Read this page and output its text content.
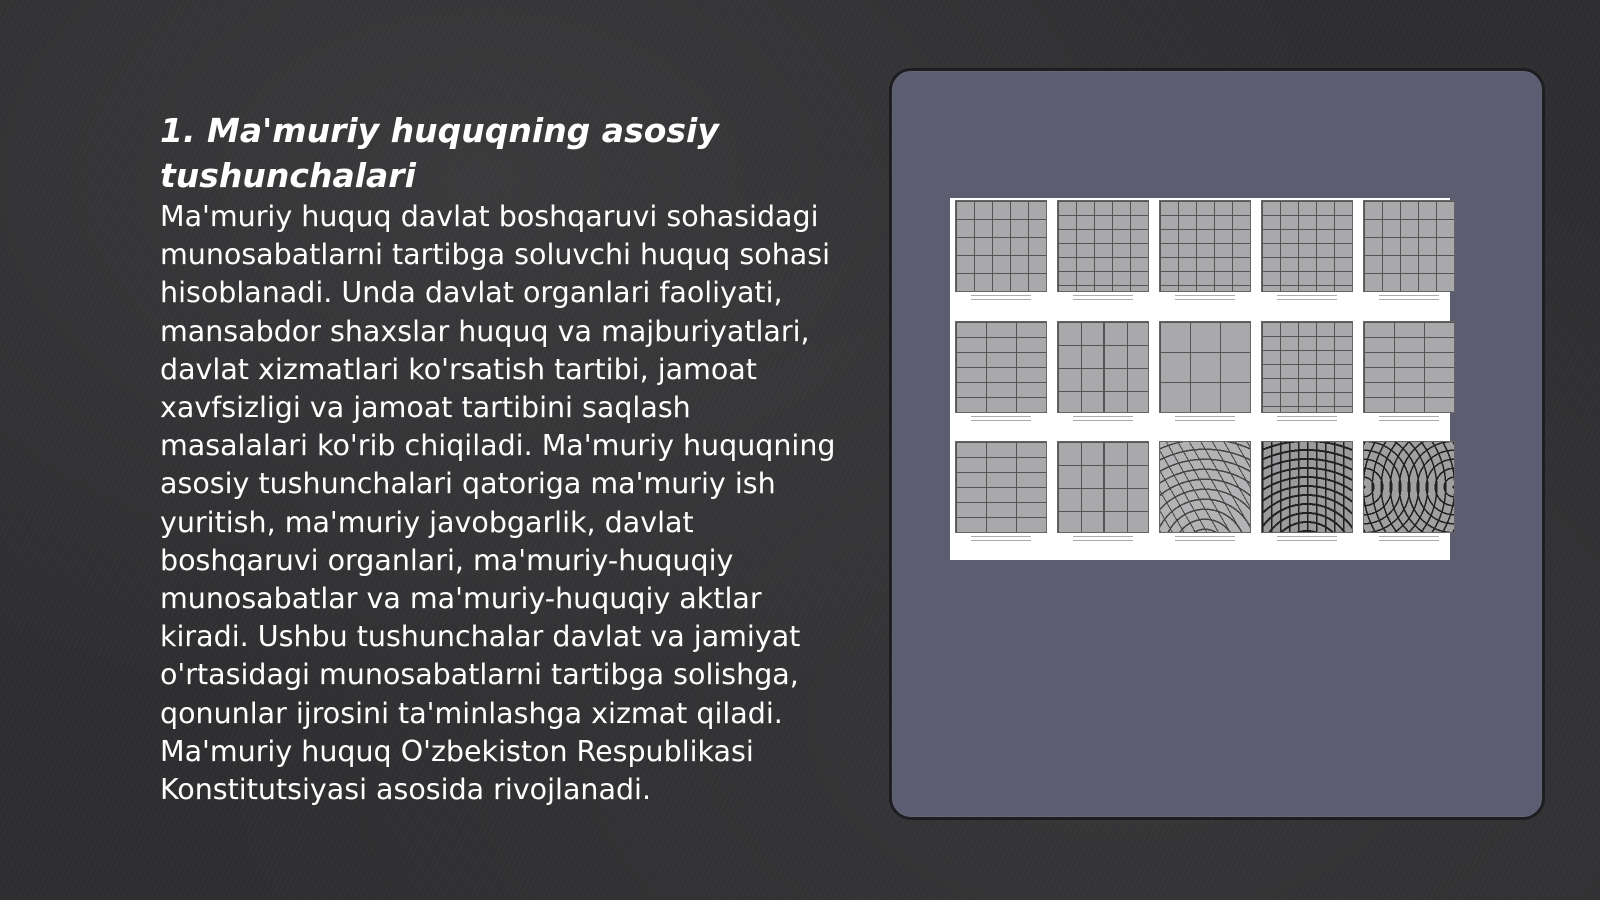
1. Ma'muriy huquqning asosiy tushunchalari

Ma'muriy huquq davlat boshqaruvi sohasidagi munosabatlarni tartibga soluvchi huquq sohasi hisoblanadi. Unda davlat organlari faoliyati, mansabdor shaxslar huquq va majburiyatlari, davlat xizmatlari ko'rsatish tartibi, jamoat xavfsizligi va jamoat tartibini saqlash masalalari ko'rib chiqiladi. Ma'muriy huquqning asosiy tushunchalari qatoriga ma'muriy ish yuritish, ma'muriy javobgarlik, davlat boshqaruvi organlari, ma'muriy-huquqiy munosabatlar va ma'muriy-huquqiy aktlar kiradi. Ushbu tushunchalar davlat va jamiyat o'rtasidagi munosabatlarni tartibga solishga, qonunlar ijrosini ta'minlashga xizmat qiladi. Ma'muriy huquq O'zbekiston Respublikasi Konstitutsiyasi asosida rivojlanadi.
